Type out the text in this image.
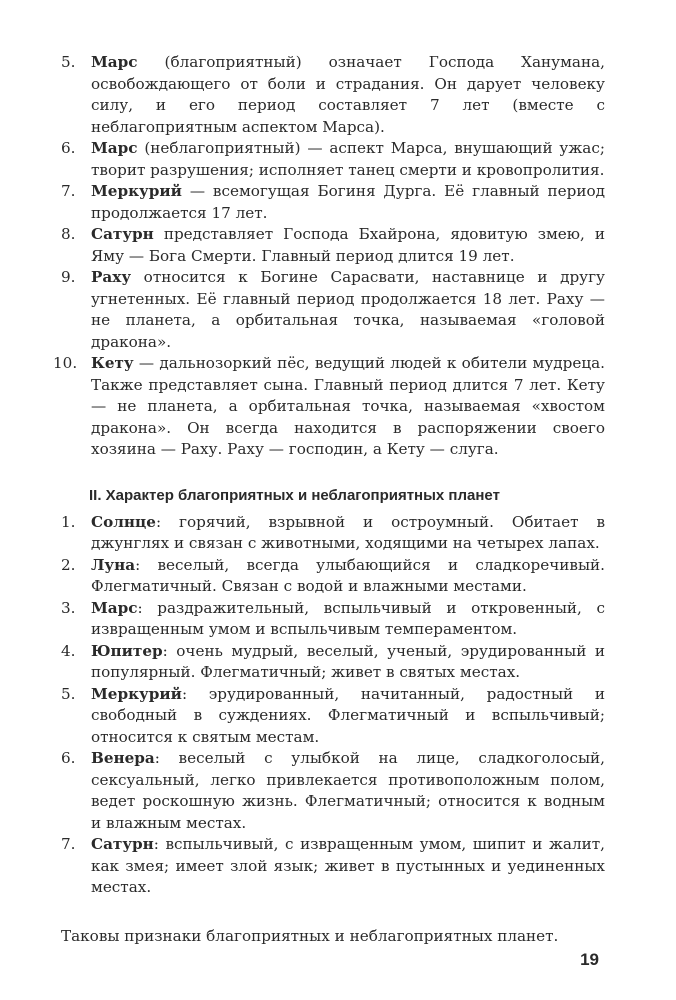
5.	Марс (благоприятный) означает Господа Ханумана, освобождающего от боли и страдания. Он дарует человеку силу, и его период составляет 7 лет (вместе с неблагоприятным аспектом Марса).
6.	Марс (неблагоприятный) — аспект Марса, внушающий ужас; творит разрушения; исполняет танец смерти и кровопролития.
7.	Меркурий — всемогущая Богиня Дурга. Её главный период продолжается 17 лет.
8.	Сатурн представляет Господа Бхайрона, ядовитую змею, и Яму — Бога Смерти. Главный период длится 19 лет.
9.	Раху относится к Богине Сарасвати, наставнице и другу угнетенных. Её главный период продолжается 18 лет. Раху — не планета, а орбитальная точка, называемая «головой дракона».
10. Кету — дальнозоркий пёс, ведущий людей к обители мудреца. Также представляет сына. Главный период длится 7 лет. Кету — не планета, а орбитальная точка, называемая «хвостом дракона». Он всегда находится в распоряжении своего хозяина — Раху. Раху — господин, а Кету — слуга.
II. Характер благоприятных и неблагоприятных планет
1.	Солнце: горячий, взрывной и остроумный. Обитает в джунглях и связан с животными, ходящими на четырех лапах.
2.	Луна: веселый, всегда улыбающийся и сладкоречивый. Флегматичный. Связан с водой и влажными местами.
3.	Марс: раздражительный, вспыльчивый и откровенный, с извращенным умом и вспыльчивым темпераментом.
4.	Юпитер: очень мудрый, веселый, ученый, эрудированный и популярный. Флегматичный; живет в святых местах.
5.	Меркурий: эрудированный, начитанный, радостный и свободный в суждениях. Флегматичный и вспыльчивый; относится к святым местам.
6.	Венера: веселый с улыбкой на лице, сладкоголосый, сексуальный, легко привлекается противоположным полом, ведет роскошную жизнь. Флегматичный; относится к водным и влажным местах.
7.	Сатурн: вспыльчивый, с извращенным умом, шипит и жалит, как змея; имеет злой язык; живет в пустынных и уединенных местах.
Таковы признаки благоприятных и неблагоприятных планет.
19
